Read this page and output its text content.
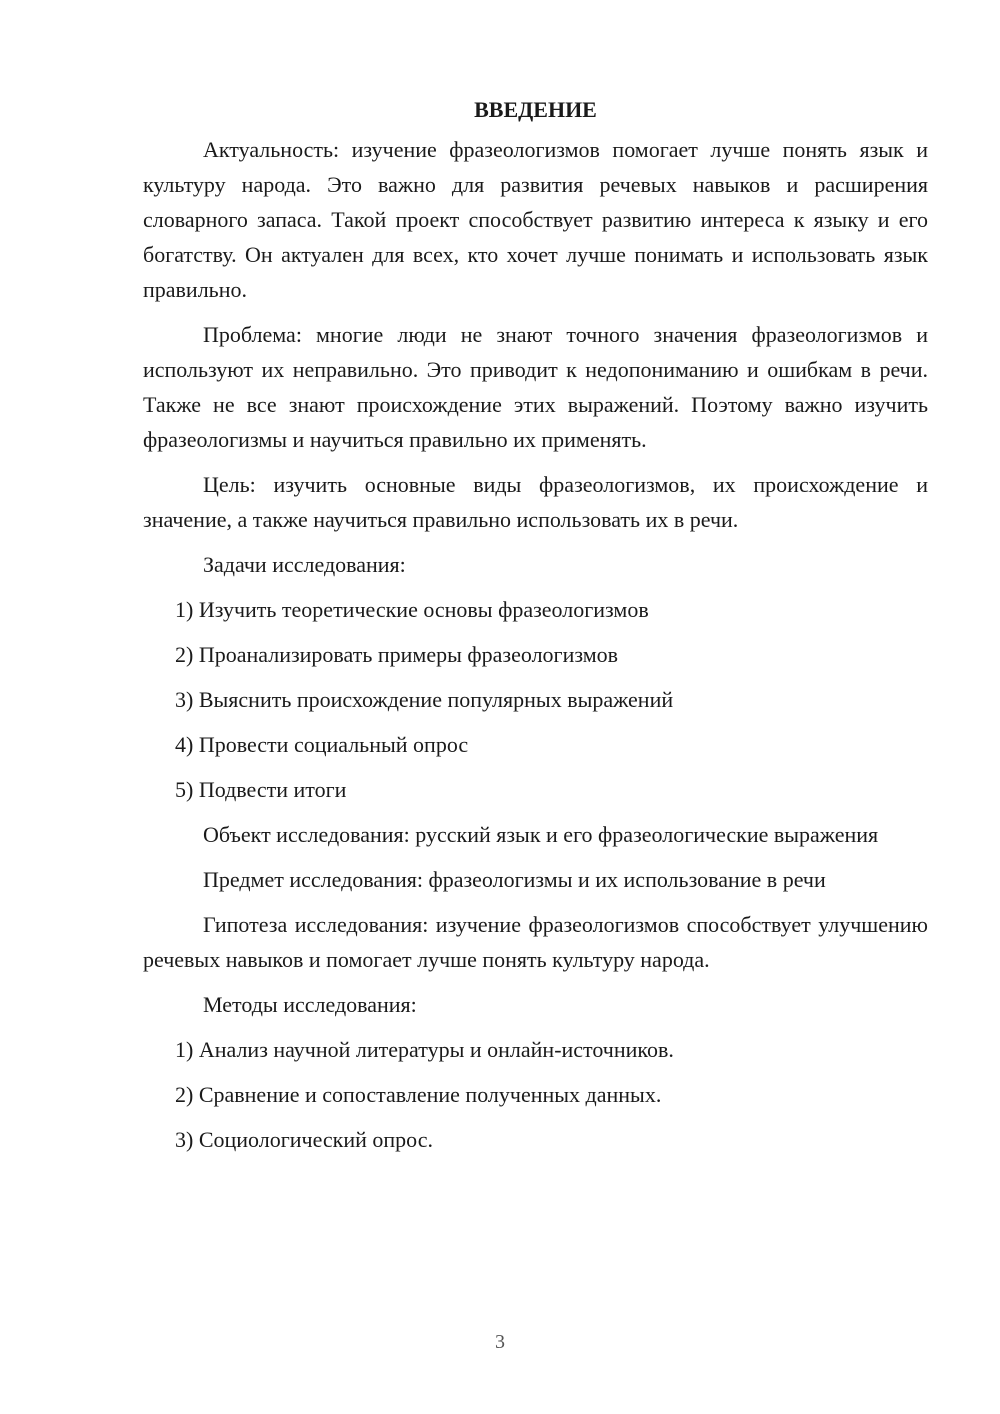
ВВЕДЕНИЕ

Актуальность: изучение фразеологизмов помогает лучше понять язык и культуру народа. Это важно для развития речевых навыков и расширения словарного запаса. Такой проект способствует развитию интереса к языку и его богатству. Он актуален для всех, кто хочет лучше понимать и использовать язык правильно.

Проблема: многие люди не знают точного значения фразеологизмов и используют их неправильно. Это приводит к недопониманию и ошибкам в речи. Также не все знают происхождение этих выражений. Поэтому важно изучить фразеологизмы и научиться правильно их применять.

Цель: изучить основные виды фразеологизмов, их происхождение и значение, а также научиться правильно использовать их в речи.

Задачи исследования:

1) Изучить теоретические основы фразеологизмов

2) Проанализировать примеры фразеологизмов

3) Выяснить происхождение популярных выражений

4) Провести социальный опрос

5) Подвести итоги

Объект исследования: русский язык и его фразеологические выражения

Предмет исследования: фразеологизмы и их использование в речи

Гипотеза исследования: изучение фразеологизмов способствует улучшению речевых навыков и помогает лучше понять культуру народа.

Методы исследования:

1) Анализ научной литературы и онлайн-источников.

2) Сравнение и сопоставление полученных данных.

3) Социологический опрос.

3
